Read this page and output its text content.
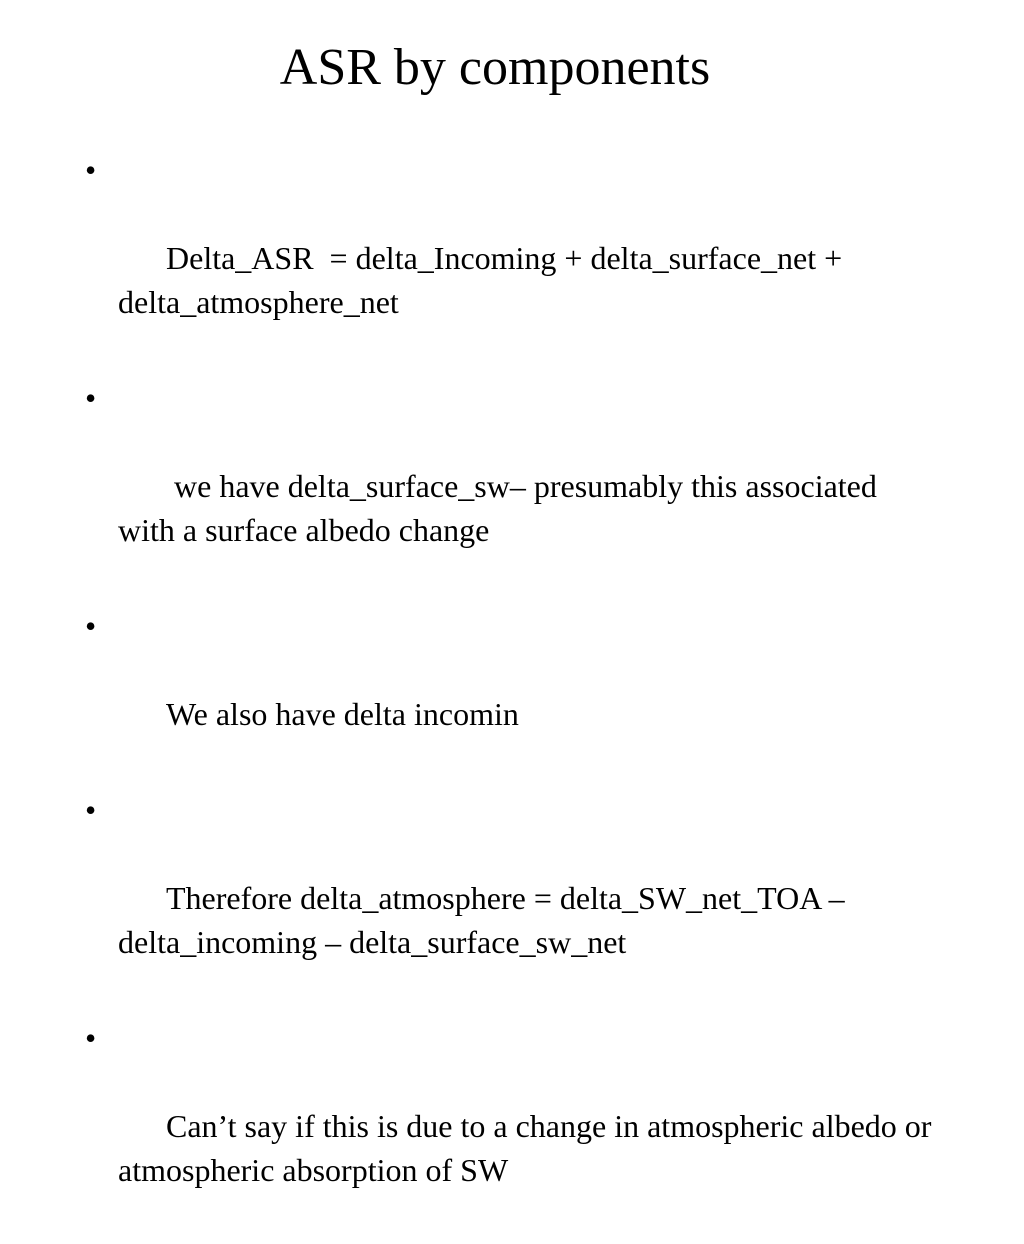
ASR by components

•

Delta_ASR  = delta_Incoming + delta_surface_net + delta_atmosphere_net

•

we have delta_surface_sw– presumably this associated with a surface albedo change

•

We also have delta incomin

•

Therefore delta_atmosphere = delta_SW_net_TOA – delta_incoming – delta_surface_sw_net

•

Can’t say if this is due to a change in atmospheric albedo or atmospheric absorption of SW
